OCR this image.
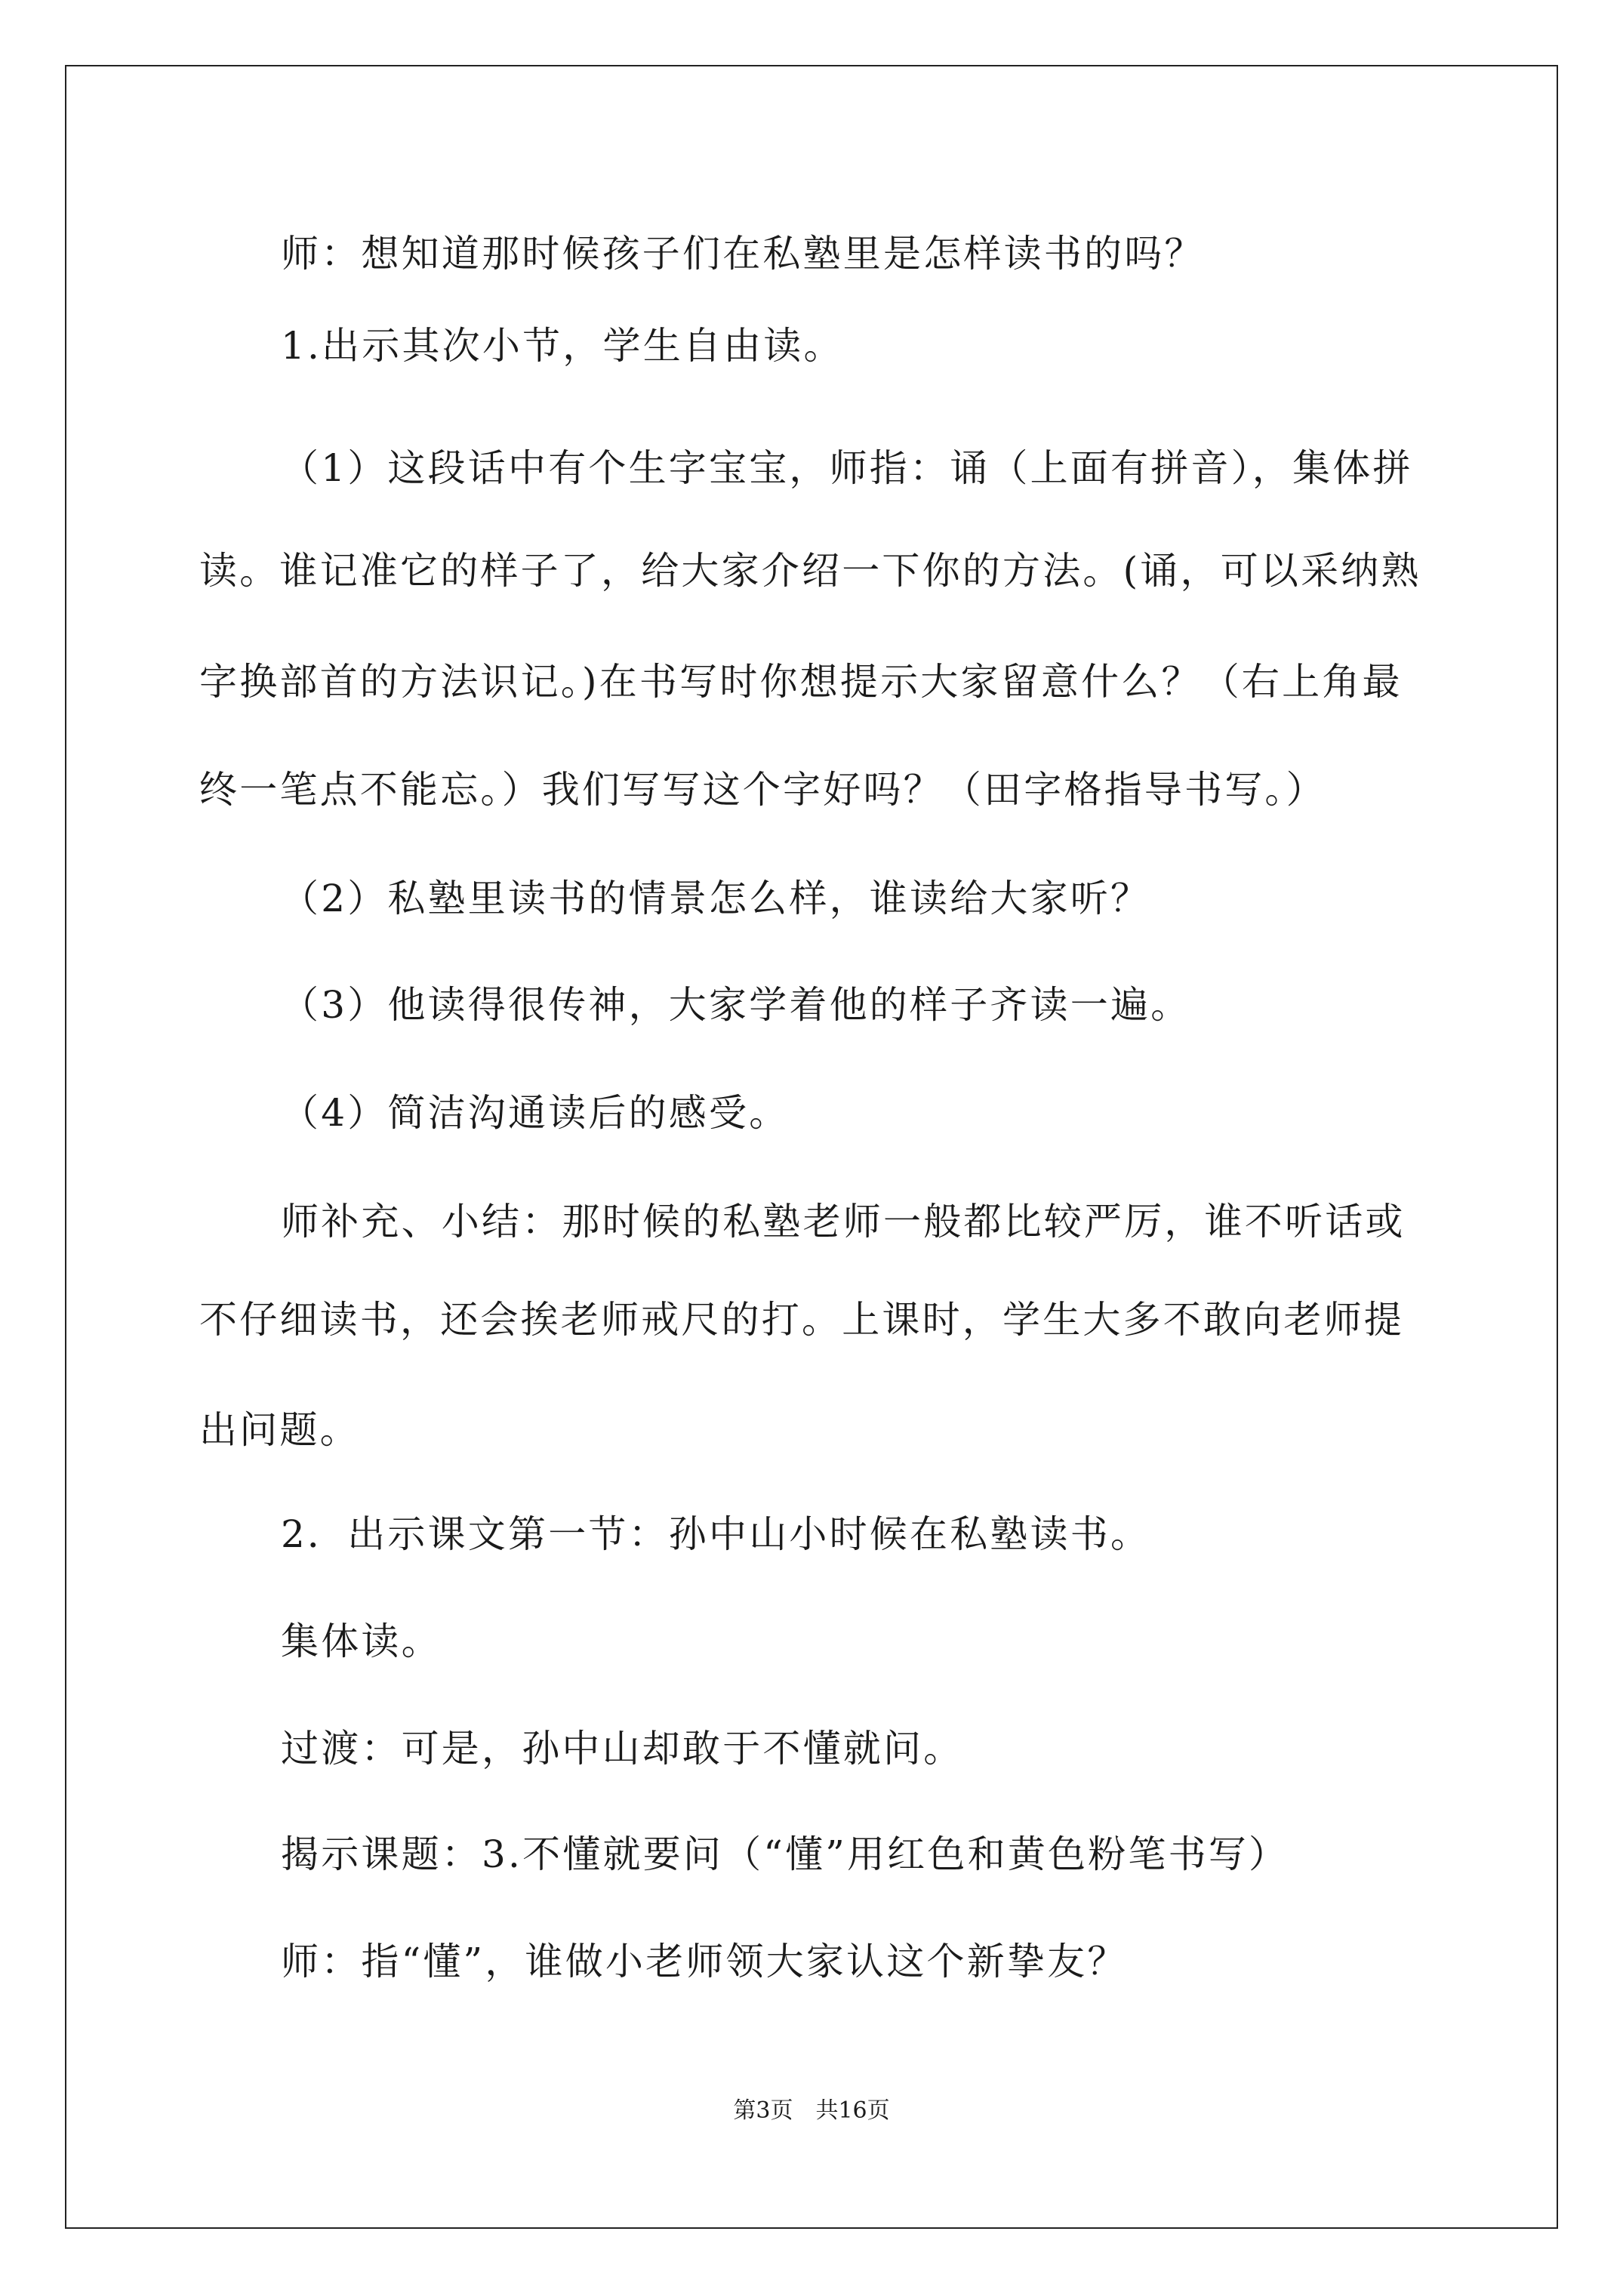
师：想知道那时候孩子们在私塾里是怎样读书的吗？
1.出示其次小节，学生自由读。
（1）这段话中有个生字宝宝，师指：诵（上面有拼音），集体拼
读。谁记准它的样子了，给大家介绍一下你的方法。(诵，可以采纳熟
字换部首的方法识记。)在书写时你想提示大家留意什么？（右上角最
终一笔点不能忘。）我们写写这个字好吗？（田字格指导书写。）
（2）私塾里读书的情景怎么样，谁读给大家听？
（3）他读得很传神，大家学着他的样子齐读一遍。
（4）简洁沟通读后的感受。
师补充、小结：那时候的私塾老师一般都比较严厉，谁不听话或
不仔细读书，还会挨老师戒尺的打。上课时，学生大多不敢向老师提
出问题。
2．出示课文第一节：孙中山小时候在私塾读书。
集体读。
过渡：可是，孙中山却敢于不懂就问。
揭示课题：3.不懂就要问（“懂”用红色和黄色粉笔书写）
师：指“懂”，谁做小老师领大家认这个新挚友？
第3页　共16页
